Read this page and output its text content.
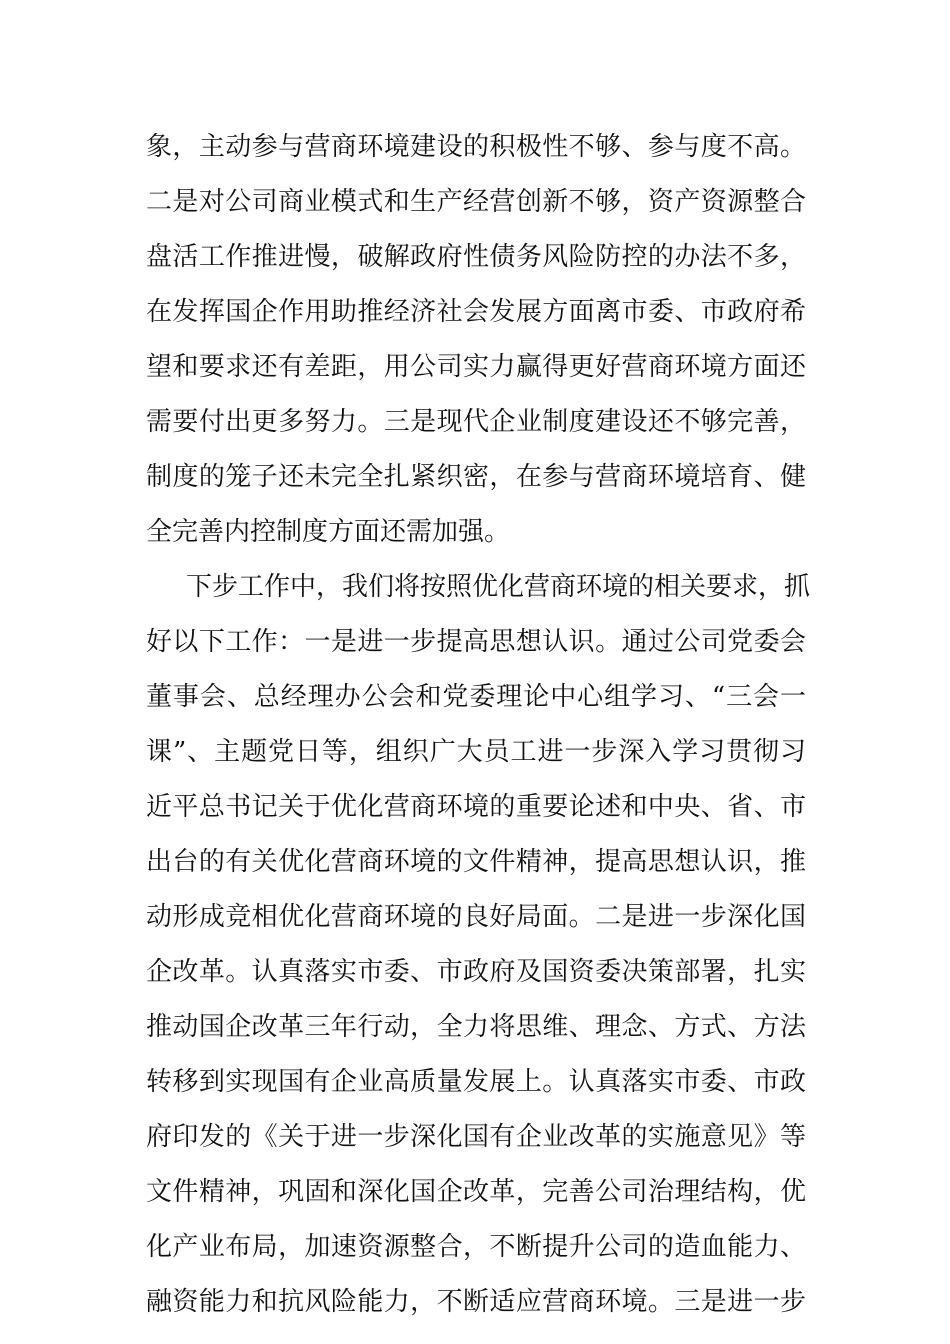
象，主动参与营商环境建设的积极性不够、参与度不高。
二是对公司商业模式和生产经营创新不够，资产资源整合
盘活工作推进慢，破解政府性债务风险防控的办法不多，
在发挥国企作用助推经济社会发展方面离市委、市政府希
望和要求还有差距，用公司实力赢得更好营商环境方面还
需要付出更多努力。三是现代企业制度建设还不够完善，
制度的笼子还未完全扎紧织密，在参与营商环境培育、健
全完善内控制度方面还需加强。
下步工作中，我们将按照优化营商环境的相关要求，抓
好以下工作：一是进一步提高思想认识。通过公司党委会
董事会、总经理办公会和党委理论中心组学习、“三会一
课”、主题党日等，组织广大员工进一步深入学习贯彻习
近平总书记关于优化营商环境的重要论述和中央、省、市
出台的有关优化营商环境的文件精神，提高思想认识，推
动形成竞相优化营商环境的良好局面。二是进一步深化国
企改革。认真落实市委、市政府及国资委决策部署，扎实
推动国企改革三年行动，全力将思维、理念、方式、方法
转移到实现国有企业高质量发展上。认真落实市委、市政
府印发的《关于进一步深化国有企业改革的实施意见》等
文件精神，巩固和深化国企改革，完善公司治理结构，优
化产业布局，加速资源整合，不断提升公司的造血能力、
融资能力和抗风险能力，不断适应营商环境。三是进一步
